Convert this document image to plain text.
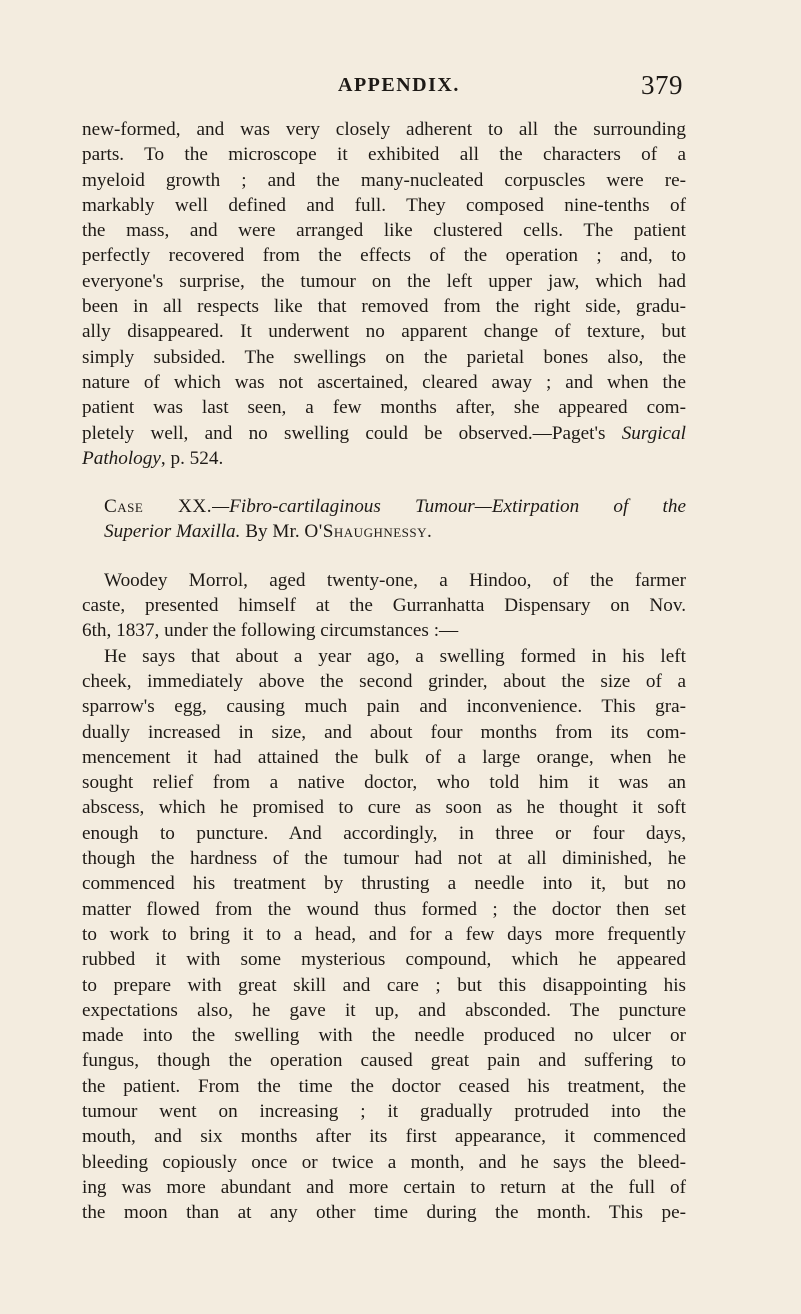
APPENDIX.	379
new-formed, and was very closely adherent to all the surrounding
parts. To the microscope it exhibited all the characters of a
myeloid growth ; and the many-nucleated corpuscles were re-
markably well defined and full. They composed nine-tenths of
the mass, and were arranged like clustered cells. The patient
perfectly recovered from the effects of the operation ; and, to
everyone's surprise, the tumour on the left upper jaw, which had
been in all respects like that removed from the right side, gradu-
ally disappeared. It underwent no apparent change of texture, but
simply subsided. The swellings on the parietal bones also, the
nature of which was not ascertained, cleared away ; and when the
patient was last seen, a few months after, she appeared com-
pletely well, and no swelling could be observed.—Paget's Surgical
Pathology, p. 524.
Case XX.—Fibro-cartilaginous Tumour—Extirpation of the
Superior Maxilla. By Mr. O'Shaughnessy.
Woodey Morrol, aged twenty-one, a Hindoo, of the farmer
caste, presented himself at the Gurranhatta Dispensary on Nov.
6th, 1837, under the following circumstances :—
He says that about a year ago, a swelling formed in his left
cheek, immediately above the second grinder, about the size of a
sparrow's egg, causing much pain and inconvenience. This gra-
dually increased in size, and about four months from its com-
mencement it had attained the bulk of a large orange, when he
sought relief from a native doctor, who told him it was an
abscess, which he promised to cure as soon as he thought it soft
enough to puncture. And accordingly, in three or four days,
though the hardness of the tumour had not at all diminished, he
commenced his treatment by thrusting a needle into it, but no
matter flowed from the wound thus formed ; the doctor then set
to work to bring it to a head, and for a few days more frequently
rubbed it with some mysterious compound, which he appeared
to prepare with great skill and care ; but this disappointing his
expectations also, he gave it up, and absconded. The puncture
made into the swelling with the needle produced no ulcer or
fungus, though the operation caused great pain and suffering to
the patient. From the time the doctor ceased his treatment, the
tumour went on increasing ; it gradually protruded into the
mouth, and six months after its first appearance, it commenced
bleeding copiously once or twice a month, and he says the bleed-
ing was more abundant and more certain to return at the full of
the moon than at any other time during the month. This pe-
